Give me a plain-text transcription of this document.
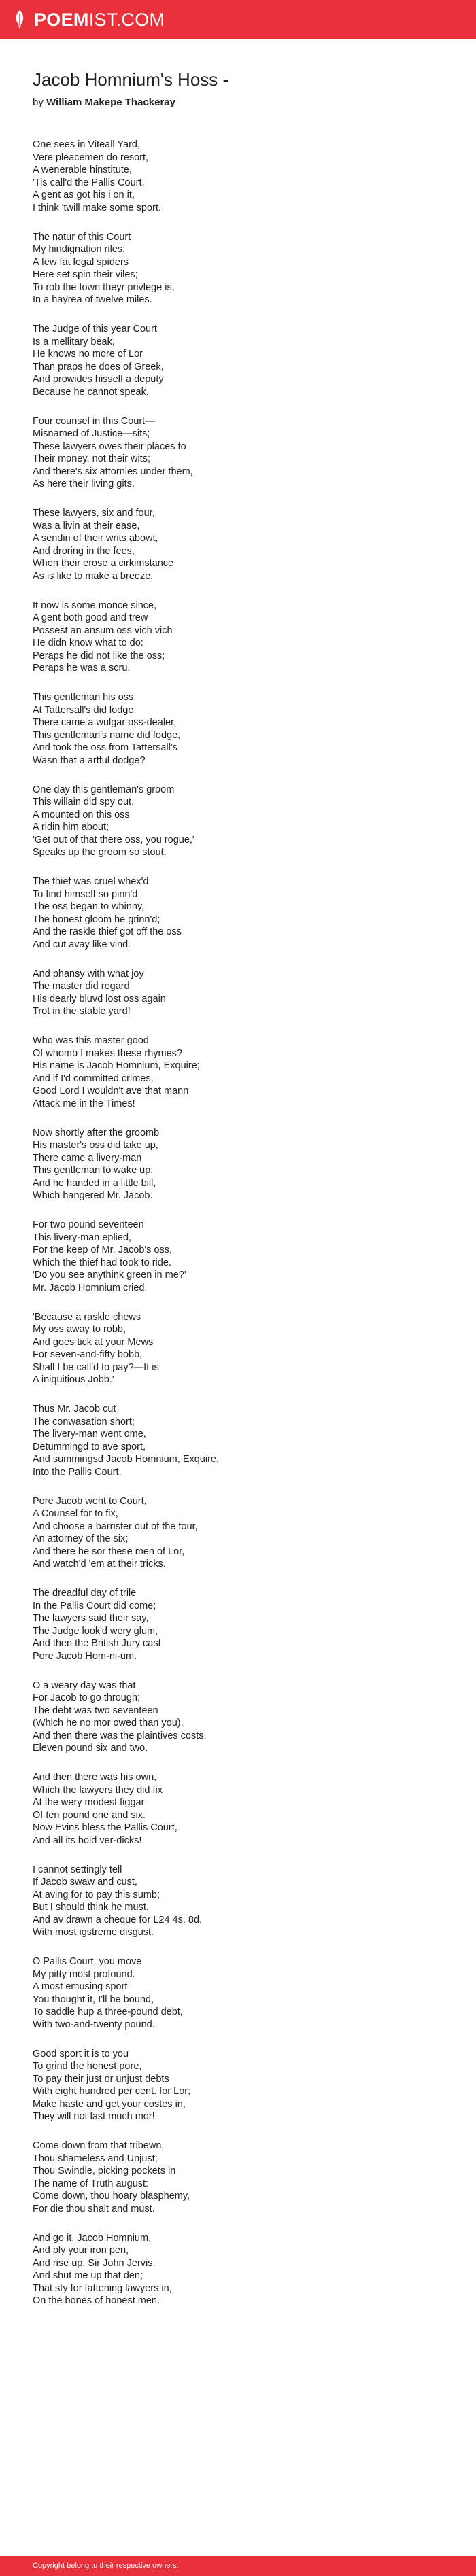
POEMIST.COM
Jacob Homnium's Hoss -
by William Makepe Thackeray
One sees in Viteall Yard,
Vere pleacemen do resort,
A wenerable hinstitute,
'Tis call'd the Pallis Court.
A gent as got his i on it,
I think 'twill make some sport.
The natur of this Court
My hindignation riles:
A few fat legal spiders
Here set spin their viles;
To rob the town theyr privlege is,
In a hayrea of twelve miles.
The Judge of this year Court
Is a mellitary beak,
He knows no more of Lor
Than praps he does of Greek,
And prowides hisself a deputy
Because he cannot speak.
Four counsel in this Court—
Misnamed of Justice—sits;
These lawyers owes their places to
Their money, not their wits;
And there's six attornies under them,
As here their living gits.
These lawyers, six and four,
Was a livin at their ease,
A sendin of their writs abowt,
And droring in the fees,
When their erose a cirkimstance
As is like to make a breeze.
It now is some monce since,
A gent both good and trew
Possest an ansum oss vich vich
He didn know what to do:
Peraps he did not like the oss;
Peraps he was a scru.
This gentleman his oss
At Tattersall's did lodge;
There came a wulgar oss-dealer,
This gentleman's name did fodge,
And took the oss from Tattersall's
Wasn that a artful dodge?
One day this gentleman's groom
This willain did spy out,
A mounted on this oss
A ridin him about;
'Get out of that there oss, you rogue,'
Speaks up the groom so stout.
The thief was cruel whex'd
To find himself so pinn'd;
The oss began to whinny,
The honest gloom he grinn'd;
And the raskle thief got off the oss
And cut avay like vind.
And phansy with what joy
The master did regard
His dearly bluvd lost oss again
Trot in the stable yard!
Who was this master good
Of whomb I makes these rhymes?
His name is Jacob Homnium, Exquire;
And if I'd committed crimes,
Good Lord I wouldn't ave that mann
Attack me in the Times!
Now shortly after the groomb
His master's oss did take up,
There came a livery-man
This gentleman to wake up;
And he handed in a little bill,
Which hangered Mr. Jacob.
For two pound seventeen
This livery-man eplied,
For the keep of Mr. Jacob's oss,
Which the thief had took to ride.
'Do you see anythink green in me?'
Mr. Jacob Homnium cried.
'Because a raskle chews
My oss away to robb,
And goes tick at your Mews
For seven-and-fifty bobb,
Shall I be call'd to pay?—It is
A iniquitious Jobb.'
Thus Mr. Jacob cut
The conwasation short;
The livery-man went ome,
Detummingd to ave sport,
And summingsd Jacob Homnium, Exquire,
Into the Pallis Court.
Pore Jacob went to Court,
A Counsel for to fix,
And choose a barrister out of the four,
An attorney of the six;
And there he sor these men of Lor,
And watch'd 'em at their tricks.
The dreadful day of trile
In the Pallis Court did come;
The lawyers said their say,
The Judge look'd wery glum,
And then the British Jury cast
Pore Jacob Hom-ni-um.
O a weary day was that
For Jacob to go through;
The debt was two seventeen
(Which he no mor owed than you),
And then there was the plaintives costs,
Eleven pound six and two.
And then there was his own,
Which the lawyers they did fix
At the wery modest figgar
Of ten pound one and six.
Now Evins bless the Pallis Court,
And all its bold ver-dicks!
I cannot settingly tell
If Jacob swaw and cust,
At aving for to pay this sumb;
But I should think he must,
And av drawn a cheque for L24 4s. 8d.
With most igstreme disgust.
O Pallis Court, you move
My pitty most profound.
A most emusing sport
You thought it, I'll be bound,
To saddle hup a three-pound debt,
With two-and-twenty pound.
Good sport it is to you
To grind the honest pore,
To pay their just or unjust debts
With eight hundred per cent. for Lor;
Make haste and get your costes in,
They will not last much mor!
Come down from that tribewn,
Thou shameless and Unjust;
Thou Swindle, picking pockets in
The name of Truth august:
Come down, thou hoary blasphemy,
For die thou shalt and must.
And go it, Jacob Homnium,
And ply your iron pen,
And rise up, Sir John Jervis,
And shut me up that den;
That sty for fattening lawyers in,
On the bones of honest men.
Copyright belong to their respective owners.
